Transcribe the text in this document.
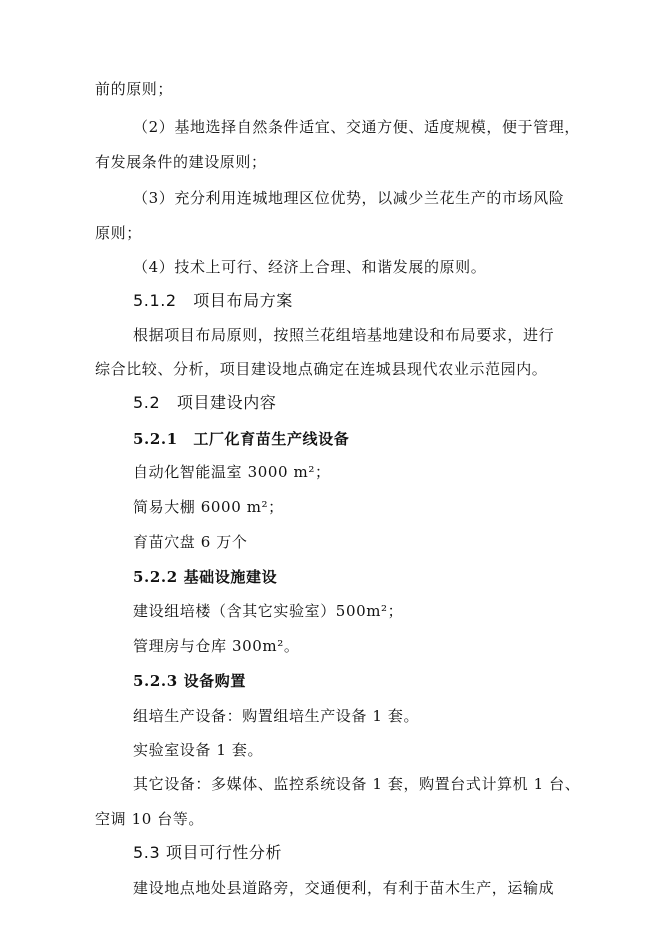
前的原则；
（2）基地选择自然条件适宜、交通方便、适度规模，便于管理，
有发展条件的建设原则；
（3）充分利用连城地理区位优势，以减少兰花生产的市场风险
原则；
（4）技术上可行、经济上合理、和谐发展的原则。
5.1.2　项目布局方案
根据项目布局原则，按照兰花组培基地建设和布局要求，进行
综合比较、分析，项目建设地点确定在连城县现代农业示范园内。
5.2　项目建设内容
5.2.1　工厂化育苗生产线设备
自动化智能温室 3000 m²；
简易大棚 6000 m²；
育苗穴盘 6 万个
5.2.2 基础设施建设
建设组培楼（含其它实验室）500m²；
管理房与仓库 300m²。
5.2.3 设备购置
组培生产设备：购置组培生产设备 1 套。
实验室设备 1 套。
其它设备：多媒体、监控系统设备 1 套，购置台式计算机 1 台、
空调 10 台等。
5.3 项目可行性分析
建设地点地处县道路旁，交通便利，有利于苗木生产，运输成
